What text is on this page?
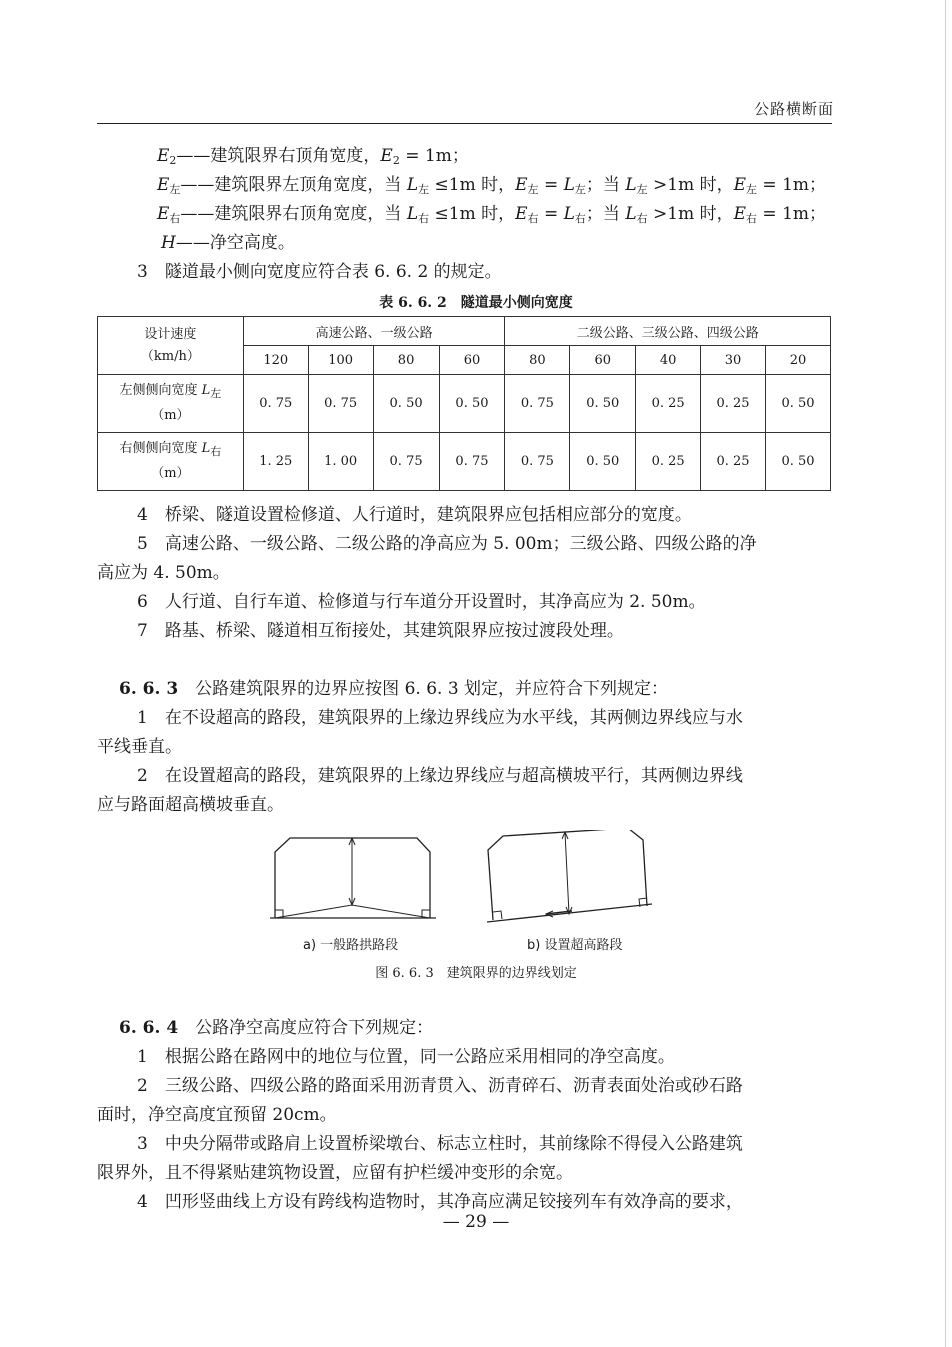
公路横断面
$E_2——$建筑限界右顶角宽度，$E_2 = 1m$；
$E_左——$建筑限界左顶角宽度，当 $L_左 \le 1m$ 时，$E_左 = L_左$；当 $L_左 >1m$ 时，$E_左 = 1m$；
$E_右——$建筑限界右顶角宽度，当 $L_右 \le 1m$ 时，$E_右 = L_右$；当 $L_右 >1m$ 时，$E_右 = 1m$；
H——净空高度。
3　隧道最小侧向宽度应符合表 6. 6. 2 的规定。
表 6. 6. 2　隧道最小侧向宽度
设计速度
（km/h）	高速公路、一级公路				二级公路、三级公路、四级公路				
	120	100	80	60	80	60	40	30	20

左侧侧向宽度 $L_左$
（m）	0. 75	0. 75	0. 50	0. 50	0. 75	0. 50	0. 25	0. 25	0. 50

右侧侧向宽度 $L_右$
（m）	1. 25	1. 00	0. 75	0. 75	0. 75	0. 50	0. 25	0. 25	0. 50
4　桥梁、隧道设置检修道、人行道时，建筑限界应包括相应部分的宽度。
5　高速公路、一级公路、二级公路的净高应为 5. 00m；三级公路、四级公路的净
高应为 4. 50m。
6　人行道、自行车道、检修道与行车道分开设置时，其净高应为 2. 50m。
7　路基、桥梁、隧道相互衔接处，其建筑限界应按过渡段处理。
6. 6. 3　 公路建筑限界的边界应按图 6. 6. 3 划定，并应符合下列规定：
1　在不设超高的路段，建筑限界的上缘边界线应为水平线，其两侧边界线应与水
平线垂直。
2　在设置超高的路段，建筑限界的上缘边界线应与超高横坡平行，其两侧边界线
应与路面超高横坡垂直。
a) 一般路拱路段	b) 设置超高路段
图 6. 6. 3　建筑限界的边界线划定
6. 6. 4　 公路净空高度应符合下列规定：
1　根据公路在路网中的地位与位置，同一公路应采用相同的净空高度。
2　三级公路、四级公路的路面采用沥青贯入、沥青碎石、沥青表面处治或砂石路
面时，净空高度宜预留 20cm。
3　中央分隔带或路肩上设置桥梁墩台、标志立柱时，其前缘除不得侵入公路建筑
限界外，且不得紧贴建筑物设置，应留有护栏缓冲变形的余宽。
4　凹形竖曲线上方设有跨线构造物时，其净高应满足铰接列车有效净高的要求，
— 29 —
